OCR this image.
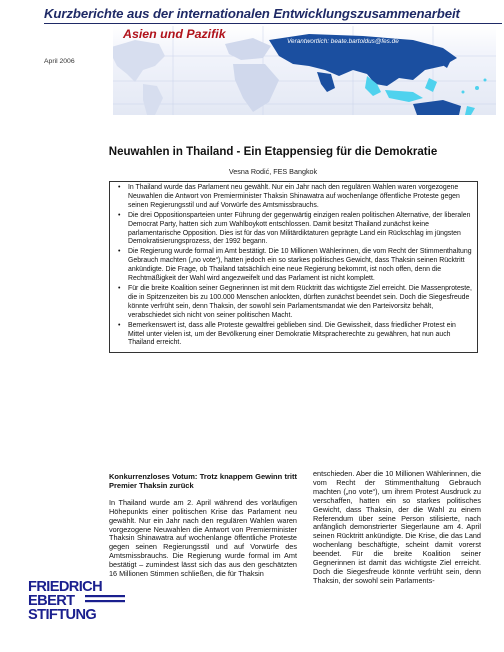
Kurzberichte aus der internationalen Entwicklungszusammenarbeit
Asien und Pazifik
Verantwortlich: beate.bartoldus@fes.de
April 2006
Neuwahlen in Thailand - Ein Etappensieg für die Demokratie
Vesna Rodić, FES Bangkok
• In Thailand wurde das Parlament neu gewählt. Nur ein Jahr nach den regulären Wahlen waren vorgezogene Neuwahlen die Antwort von Premierminister Thaksin Shinawatra auf wochenlange öffentliche Proteste gegen seinen Regierungsstil und auf Vorwürfe des Amtsmissbrauchs.
• Die drei Oppositionsparteien unter Führung der gegenwärtig einzigen realen politischen Alternative, der liberalen Democrat Party, hatten sich zum Wahlboykott entschlossen. Damit besitzt Thailand zunächst keine parlamentarische Opposition. Dies ist für das von Militärdiktaturen geprägte Land ein Rückschlag im jüngsten Demokratisierungsprozess, der 1992 begann.
• Die Regierung wurde formal im Amt bestätigt. Die 10 Millionen Wählerinnen, die vom Recht der Stimmenthaltung Gebrauch machten („no vote“), hatten jedoch ein so starkes politisches Gewicht, dass Thaksin seinen Rücktritt ankündigte. Die Frage, ob Thailand tatsächlich eine neue Regierung bekommt, ist noch offen, denn die Rechtmäßigkeit der Wahl wird angezweifelt und das Parlament ist nicht komplett.
• Für die breite Koalition seiner Gegnerinnen ist mit dem Rücktritt das wichtigste Ziel erreicht. Die Massenproteste, die in Spitzenzeiten bis zu 100.000 Menschen anlockten, dürften zunächst beendet sein. Doch die Siegesfreude könnte verfrüht sein, denn Thaksin, der sowohl sein Parlamentsmandat wie den Parteivorsitz behält, verabschiedet sich nicht von seiner politischen Macht.
• Bemerkenswert ist, dass alle Proteste gewaltfrei geblieben sind. Die Gewissheit, dass friedlicher Protest ein Mittel unter vielen ist, um der Bevölkerung einer Demokratie Mitspracherechte zu gewähren, hat nun auch Thailand erreicht.
Konkurrenzloses Votum: Trotz knappem Gewinn tritt Premier Thaksin zurück

In Thailand wurde am 2. April während des vorläufigen Höhepunkts einer politischen Krise das Parlament neu gewählt. Nur ein Jahr nach den regulären Wahlen waren vorgezogene Neuwahlen die Antwort von Premierminister Thaksin Shinawatra auf wochenlange öffentliche Proteste gegen seinen Regierungsstil und auf Vorwürfe des Amtsmissbrauchs. Die Regierung wurde formal im Amt bestätigt – zumindest lässt sich das aus den geschätzten 16 Millionen Stimmen schließen, die für Thaksin

entschieden. Aber die 10 Millionen Wählerinnen, die vom Recht der Stimmenthaltung Gebrauch machten („no vote“), um ihrem Protest Ausdruck zu verschaffen, hatten ein so starkes politisches Gewicht, dass Thaksin, der die Wahl zu einem Referendum über seine Person stilisierte, nach anfänglich demonstrierter Siegerlaune am 4. April seinen Rücktritt ankündigte. Die Krise, die das Land wochenlang beschäftigte, scheint damit vorerst beendet. Für die breite Koalition seiner Gegnerinnen ist damit das wichtigste Ziel erreicht. Doch die Siegesfreude könnte verfrüht sein, denn Thaksin, der sowohl sein Parlaments-

FRIEDRICH
EBERT
STIFTUNG
